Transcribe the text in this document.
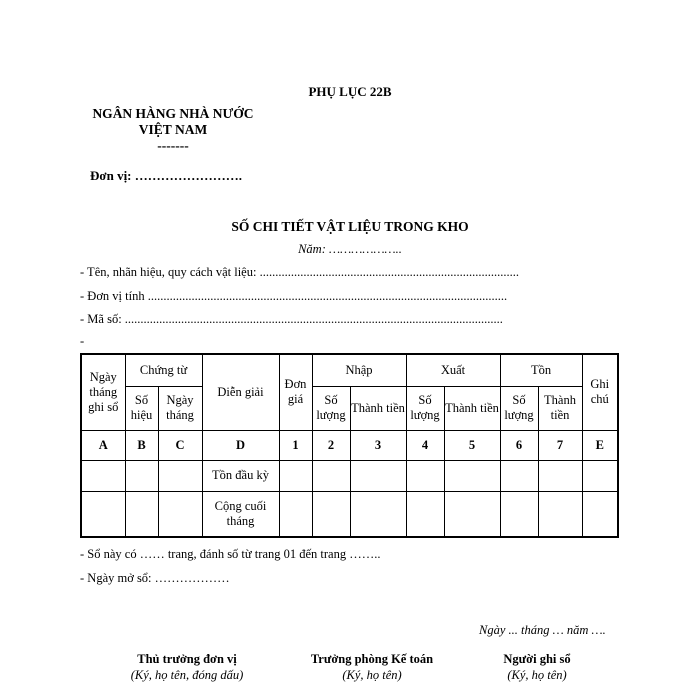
PHỤ LỤC 22B
NGÂN HÀNG NHÀ NƯỚC
VIỆT NAM
-------
Đơn vị: …………………….
SỐ CHI TIẾT VẬT LIỆU TRONG KHO
Năm: ………………..
- Tên, nhãn hiệu, quy cách vật liệu: ...................................................................................
- Đơn vị tính ...................................................................................................................
- Mã số: .........................................................................................................................
-
Ngày tháng ghi sổ	Chứng từ		Diễn giải	Đơn giá	Nhập		Xuất		Tồn		Ghi chú
	Số hiệu	Ngày tháng			Số lượng	Thành tiền	Số lượng	Thành tiền	Số lượng	Thành tiền	
A	B	C	D	1	2	3	4	5	6	7	E
			Tồn đầu kỳ								
			Cộng cuối tháng								
- Sổ này có …… trang, đánh số từ trang 01 đến trang ……..
- Ngày mở sổ: ………………
Ngày ... tháng … năm ….
Thủ trưởng đơn vị
(Ký, họ tên, đóng dấu)
Trưởng phòng Kế toán
(Ký, họ tên)
Người ghi sổ
(Ký, họ tên)
